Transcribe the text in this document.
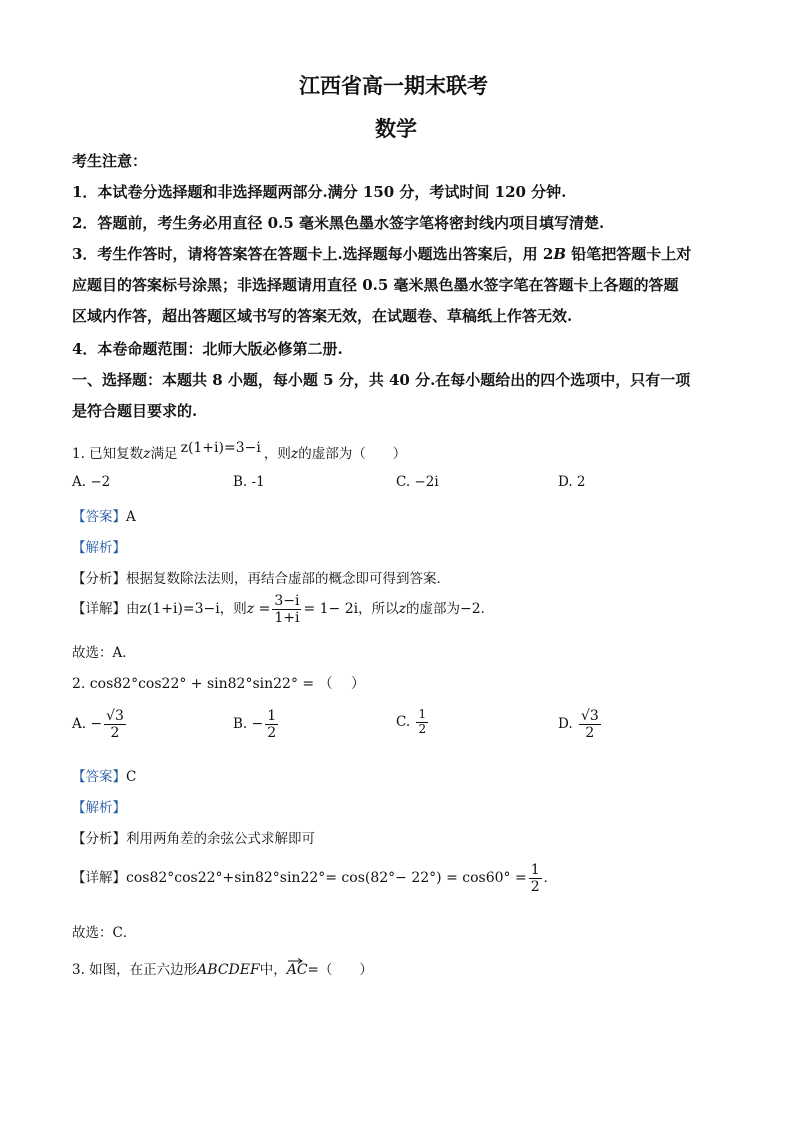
江西省高一期末联考
数学
考生注意：
1．本试卷分选择题和非选择题两部分.满分 150 分，考试时间 120 分钟.
2．答题前，考生务必用直径 0.5 毫米黑色墨水签字笔将密封线内项目填写清楚.
3．考生作答时，请将答案答在答题卡上.选择题每小题选出答案后，用 2B 铅笔把答题卡上对
应题目的答案标号涂黑；非选择题请用直径 0.5 毫米黑色墨水签字笔在答题卡上各题的答题
区域内作答，超出答题区域书写的答案无效，在试题卷、草稿纸上作答无效.
4．本卷命题范围：北师大版必修第二册.
一、选择题：本题共 8 小题，每小题 5 分，共 40 分.在每小题给出的四个选项中，只有一项
是符合题目要求的.
1. 已知复数z满足 z(1+i)=3−i ，则z的虚部为（　　）
A. −2	B. -1	C. −2i	D. 2
【答案】A
【解析】
【分析】根据复数除法法则，再结合虚部的概念即可得到答案．
【详解】由z(1+i)=3−i，则$z = \frac{3-i}{1+i} = 1- 2i$，所以z的虚部为−2．
故选：A．
2. cos82°cos22° + sin82°sin22° = （　 ）
A. − $\frac{√3}{2}$	B. − $\frac{1}{2}$	C. $\frac{1}{2}$	D. $\frac{√3}{2}$
【答案】C
【解析】
【分析】利用两角差的余弦公式求解即可
【详解】$\cos 82^\circ\cos 22^\circ+\sin 82^\circ\sin 22^\circ= \cos(82^\circ- 22^\circ) = \cos 60^\circ = \frac{1}{2}$ ．
故选：C．
3. 如图，在正六边形ABCDEF中，
AC=（　　）
